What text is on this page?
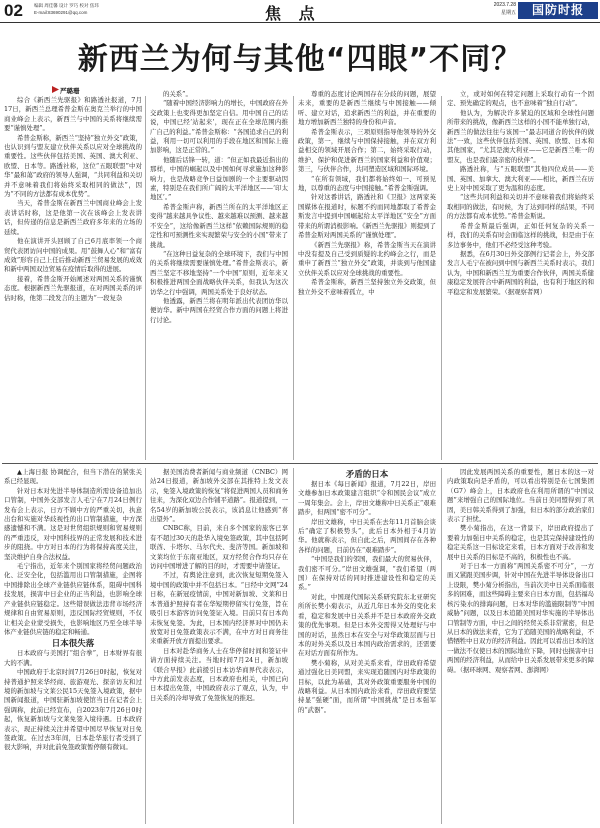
02 编辑 周佳馨 设计 罗巧 校对 焦玮
E-mail:83690291@qq.com	焦 点	2023.7.28
星期五	国防时报
新西兰为何与其他“四眼”不同？
严璐珊

综合《新西兰先驱报》和路透社报道，7月17日，新西兰总理希普金斯在奥克兰举行的中国商业峰会上表示，新西兰与中国的关系将继续需要“谨慎处理”。

希普金斯称，新西兰“坚持”独立外交“政策，也认识到与盟友建立伙伴关系以应对全球挑战的重要性。这些伙伴包括美国、英国、澳大利亚、欧盟、日本等。路透社称，这位“五眼联盟”中对华“最和蔼”政府的领导人强调，“共同利益和关切并不意味着我们将始终采取相同的做法”，因为“不同的方法都有成本优势”。

当天，希普金斯在新西兰中国商业峰会上发表讲话时称，这是他第一次在该峰会上发表讲话，但传递的信息是新西兰政府多年来的立场的延续。

他在演讲开头回顾了自己6月底率领一个商贸代表团访问中国的成果。用“鼓舞人心”和“富有成效”形容自己上任后推动新西兰贸易发展的成效和新中两国双边贸易在疫情后取得的进展。

接着，希普金斯开始阐述对两国关系的谨慎态度。根据新西兰先驱报道，在对两国关系的评估时称，他第二段发言的主题为“一段复杂

的关系”。

“随着中国经济影响力的增长，中国政府在外交政策上也变得更加坚定自信。用中国自己的话说，中国已经‘站起来’，现在正在全球范围内推广自己的利益。”希普金斯称：“各国追求自己的利益，利用一切可以利用的手段在地区和国际上施加影响，这是正常的。”

他随后话锋一转，道：“但正如我最近指出的那样，中国的崛起以及中国如何寻求施加这种影响力，也是战略竞争日益加剧的一个主要驱动因素，特别是在我们所广阔的太平洋地区——‘印太地区’。”

希普金斯声称，新西兰所在的太平洋地区正变得“越来越具争议性、越来越难以预测、越来越不安全”，这给像新西兰这样“依赖国际规则的稳定性和可预测性来实现繁荣与安全的小国”带来了挑战。

“在这种日益复杂的全球环境下，我们与中国的关系将继续需要谨慎处理。”希普金斯表示，新西兰坚定不移地坚持“一个中国”原则，近年来又积极推进两国全面战略伙伴关系，但我认为这次访华之行中强调，两国关系处于良好状态。

他透露，新西兰将在明年派出代表团访华以便访华。新中两国在经贸合作方面的问题上将进行讨论。

尊重的态度讨论两国存在分歧的问题，展望未来，重要的是新西兰继续与中国接触——倾听、建立对话，追求新西兰的利益，并在重要的地方增加新西兰独特的身份和声音。

希普金斯表示，三项原则指导他领导的外交政策，第一，继续与中国保持接触，并在双方利益相交的领域开展合作；第二，始终采取行动，维护、保护和促进新西兰的国家利益和价值观；第三，与伙伴合作，共同塑造区域和国际环境。

“在所有领域，我们都将始终如一、可预见地，以尊重的态度与中国接触。”希普金斯强调。

针对这番讲话，路透社和《卫报》这两家英国媒体在报道时，标题不约而同地都取了希普金斯发言中提到中国崛起给太平洋地区“安全”方面带来的所谓消极影响。《新西兰先驱报》则提到了希普金斯对两国关系的“谨慎处理”。

《新西兰先驱报》称，希普金斯当天在演讲中没有提及自己受到质疑的北约峰会之行，而是重申了新西兰“独立外交”政策，并谈到与他国建立伙伴关系以应对全球挑战的重要性。

希普金斯称，新西兰坚持独立外交政策，但独立外交不意味着孤立，中

立，或对如何在特定问题上采取行动有一个固定、预先确定的观点，也不意味着“独自行动”。

他认为，为解决许多紧迫的区域和全球性问题所带来的挑战，像新西兰这样的小国不能单独行动，新西兰的做法往往与该国一“最志同道合的伙伴的做法”一致，这些伙伴包括美国、英国、欧盟、日本和其他国家，“尤其是澳大利亚——它是新西兰唯一的盟友，也是我们最亲密的伙伴”。

路透社称，与“五眼联盟”其他四位成员——美国、英国、加拿大、澳大利亚——相比，新西兰在历史上对中国采取了更为温和的态度。

“这些共同利益和关切并不意味着我们将始终采取相同的做法，有时候，为了达到同样的结果，不同的方法都有成本优势。”希普金斯说。

希普金斯最后强调，正如任何复杂的关系一样，我们的关系有时会面临这样的挑战，但是由于在多边事务中，他们不必经受这种考验。

据悉，在6月30日外交部例行记者会上，外交部发言人毛宁在被问到中国与新西兰关系时表示，我们认为，中国和新西兰互为重要合作伙伴，两国关系健康稳定发展符合中新两国的利益，也有利于地区的和平稳定和发展繁荣。（据观察者网）

▲上海日报 协调配合，但当下潜在的紧张关系已经显现。

针对日本对先进半导体制造所需设备追加出口管制，中国外交部发言人毛宁在7月24日例行发布会上表示，日方不顾中方的严重关切，执意出台和实施对华歧视性的出口管制措施，中方深感遗憾和不满。这是对世贸组织规则和贸易规则的严重违反，对中国科技界的正常发展和技术进步的阻挠。中方对日本的行为将保持高度关注，坚决维护自身合法权益。

毛宁指出，近年来个别国家将经贸问题政治化、泛安全化，包括滥用出口管制措施，企图将中国排除出全球产业链供应链体系，阻碍中国科技发展，损害中日企业的正当利益，也影响全球产业链供应链稳定。这些错误做法违背市场经济规律和自由贸易原则，违反国际经贸规则，不仅让相关企业蒙受损失，也影响地区乃至全球半导体产业链供应链的稳定和畅通。

日本很失落

日本政府与美国打“组合拳”，日本财界有很大的不满。

中国政府于北京时间7月26日0时起，恢复对持普通护照来华经商、旅游观光、探亲访友和过境的新加坡与文莱公民15天免签入境政策，据中国新闻报道，中国驻新加坡使馆当日在记者会上强调称，此前已经宣布，自2023年7月26日0时起，恢复新加坡与文莱免签入境待遇。日本政府表示，现正持续关注并希望中国尽早恢复对日免签政策。在过去3年间，日本赴华旅行者受到了很大影响，并对此前免签政策暂停颇有微词。

据美国消费者新闻与商业频道（CNBC）网站24日报道，新加坡外交部在其推特上发文表示，免签入境政策的恢复“将促进两国人员和商务往来，为深化双边合作铺平道路”。报道提到，一名54岁的新加坡公民表示，该消息让他感到“喜出望外”。

CNBC称，目前，来自多个国家的旅客已享有不超过30天的赴华入境免签政策，其中包括阿联酋、卡塔尔、马尔代夫、斐济等国。新加坡和文莱均位于东南亚地区，双方经贸合作均只存在访问中国增进了解的目的时，才需要中请签证。

不过，有舆论注意到，此次恢复短期免签入境中国的政策中并不包括日本。“日经中文网”24日称，在新冠疫情前，中国对新加坡、文莱和日本普通护照持有者在华短期停留实行免签，旨在吸引日本游客访问免签证入境。目前只有日本尚未恢复免签。为此，日本国内经济界对中国仍未放宽对日免签政策表示不满，在中方对日商务往来重新开放方面提出要求。

日本对赴华商务人士在华停留时间和签证申请方面持续关注。当地时间7月24日，新加坡《联合早报》此前援引日本访华商界代表表示，中方此前发表态度，日本政府也相关，中国已向日本提出免签，中国政府表示了观点，认为，中日关系的冷却导致了免签恢复的推迟。

矛盾的日本

据日本《每日新闻》报道，7月22日，岸田文雄参加日本政策建言组织“令和国民会议”成立一周年集会。会上，岸田文雄称中日关系正“艰难踏步，但两国“密不可分”。

岸田文雄称，中日关系在去年11月首脑会谈后“确定了积极势头”，此后日本外相于4月访华。他就称表示，但自此之后，两国间存在各种各样的问题，目前仍在“艰难踏步”。

“中国是我们的邻国，我们最大的贸易伙伴，我们密不可分。”岸田文雄强调，“我们希望（两国）在保持对话的同时推进建设性和稳定的关系。”

对此，中国现代国际关系研究院东北亚研究所所长樊小菊表示，从近几年日本外交的变化来看，稳定和发展中日关系并不是日本政府外交政策的优先事项。但是日本外交需得又处理好与中国的对话，虽然日本在安全与对华政策层面与日本的对外关系以及日本国内政治需求的，还需要在对话方面有所作为。

樊小菊称，从对美关系来看，岸田政府希望通过强化日美同盟，来实现追随国内对华政策的目标，以此为基础，其对外政策重要服务中国的战略利益。从日本国内政治来看，岸田政府要坚持显“强硬”面，而所谓“中国挑战”是日本强军的“武器”。

因此发展两国关系的重要性，题日本的这一对内政策取向是矛盾的，可以看出特别是在七国集团（G7）峰会上，日本政府也在利用所谓的“中国议题”来增强自己的国际地位。当前日美同盟得到了巩固，美日韩关系得到了加强，但日本的部分政治家们表示了担忧。

樊小菊指出，在这一背景下，岸田政府提出了要着力加强日中关系的稳定，也是其完保持建设性的稳定关系这一目标设定来看，日本方面对于改善和发展中日关系的目标是不高的，积极性也不高。

对于日本一方面称“两国关系密不可分”，一方面又紧跟美国步调，针对中国在先进半导体设备出口上设限，樊小菊分析指出，当前次美中日关系面临很多的困难，而这些障碍主要来自日本方面，包括福岛核污染水的排海问题，日本对华的滥施限制等“中国威胁”问题，以及日本追随美国对华实施的半导体出口管制等方面，中日之间的经贸关系非常紧密，但是从日本的做法来看，它为了追随美国的战略利益，不惜牺牲中日双方的经济利益。因此可以看出日本的这一做法不仅使日本的国际地位下降，同时也损害中日两国的经济利益，从而给中日关系发展带来更多的障碍。（据环球网、观察者网、澎湃网）
